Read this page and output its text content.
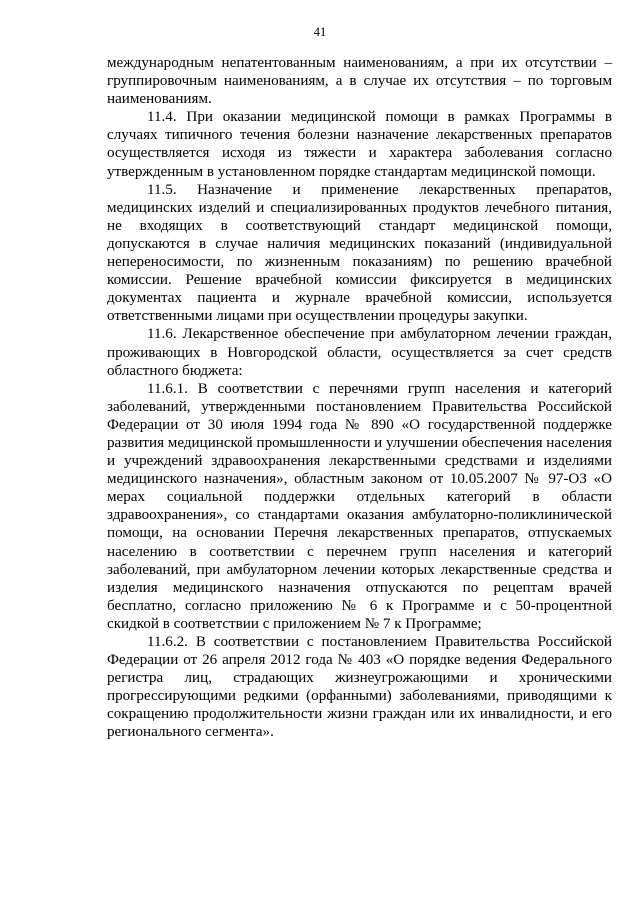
41

международным непатентованным наименованиям, а при их отсутствии – группировочным наименованиям, а в случае их отсутствия – по торговым наименованиям.

11.4. При оказании медицинской помощи в рамках Программы в случаях типичного течения болезни назначение лекарственных препаратов осуществляется исходя из тяжести и характера заболевания согласно утвержденным в установленном порядке стандартам медицинской помощи.

11.5. Назначение и применение лекарственных препаратов, медицинских изделий и специализированных продуктов лечебного питания, не входящих в соответствующий стандарт медицинской помощи, допускаются в случае наличия медицинских показаний (индивидуальной непереносимости, по жизненным показаниям) по решению врачебной комиссии. Решение врачебной комиссии фиксируется в медицинских документах пациента и журнале врачебной комиссии, используется ответственными лицами при осуществлении процедуры закупки.

11.6. Лекарственное обеспечение при амбулаторном лечении граждан, проживающих в Новгородской области, осуществляется за счет средств областного бюджета:

11.6.1. В соответствии с перечнями групп населения и категорий заболеваний, утвержденными постановлением Правительства Российской Федерации от 30 июля 1994 года № 890 «О государственной поддержке развития медицинской промышленности и улучшении обеспечения населения и учреждений здравоохранения лекарственными средствами и изделиями медицинского назначения», областным законом от 10.05.2007 № 97-ОЗ «О мерах социальной поддержки отдельных категорий в области здравоохранения», со стандартами оказания амбулаторно-поликлинической помощи, на основании Перечня лекарственных препаратов, отпускаемых населению в соответствии с перечнем групп населения и категорий заболеваний, при амбулаторном лечении которых лекарственные средства и изделия медицинского назначения отпускаются по рецептам врачей бесплатно, согласно приложению № 6 к Программе и с 50-процентной скидкой в соответствии с приложением № 7 к Программе;

11.6.2. В соответствии с постановлением Правительства Российской Федерации от 26 апреля 2012 года № 403 «О порядке ведения Федерального регистра лиц, страдающих жизнеугрожающими и хроническими прогрессирующими редкими (орфанными) заболеваниями, приводящими к сокращению продолжительности жизни граждан или их инвалидности, и его регионального сегмента».
